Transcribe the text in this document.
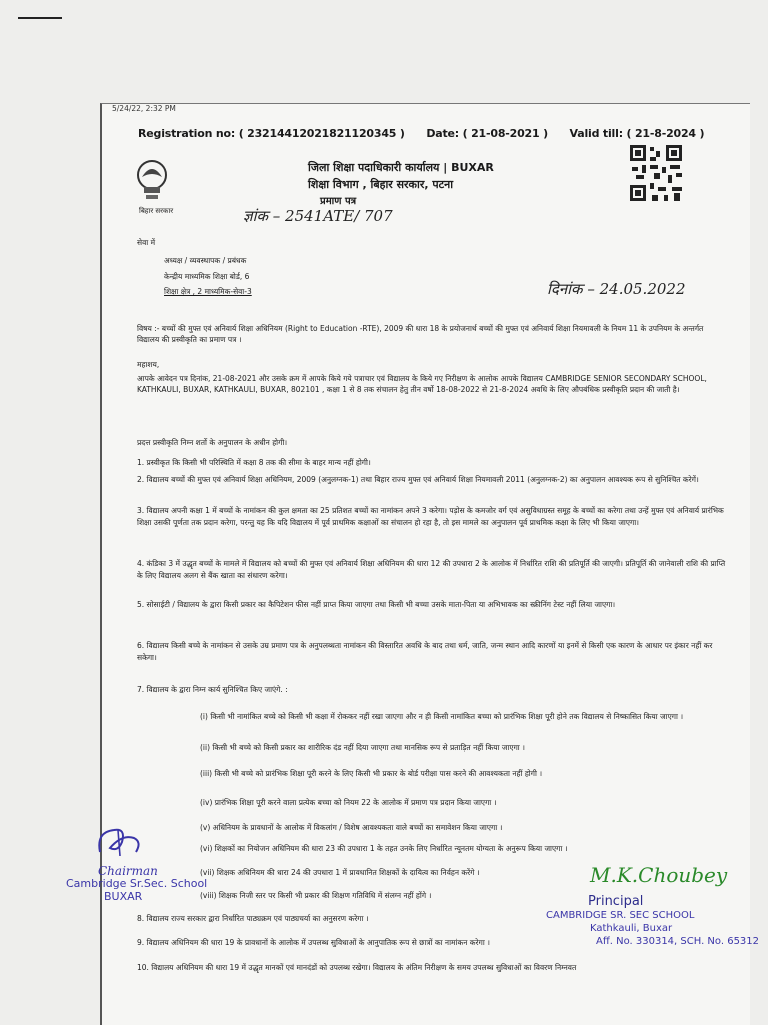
5/24/22, 2:32 PM
Registration no: ( 23214412021821120345 ) Date: ( 21-08-2021 ) Valid till: ( 21-8-2024 )
बिहार सरकार
जिला शिक्षा पदाधिकारी कार्यालय | BUXAR
शिक्षा विभाग , बिहार सरकार, पटना
प्रमाण पत्र
ज्ञांक – 2541ATE/ 707
दिनांक – 24.05.2022
सेवा में
अध्यक्ष / व्यवस्थापक / प्रबंधक
केन्द्रीय माध्यमिक शिक्षा बोर्ड, 6
शिक्षा क्षेत्र , 2 माध्यमिक-सेवा-3
विषय :- बच्चों की मुफ्त एवं अनिवार्य शिक्षा अधिनियम (Right to Education -RTE), 2009 की धारा 18 के प्रयोजनार्थ बच्चों की मुफ्त एवं अनिवार्य शिक्षा नियमावली के नियम 11 के उपनियम के अन्तर्गत विद्यालय की प्रस्वीकृति का प्रमाण पत्र ।
महाशय,
आपके आवेदन पत्र दिनांक, 21-08-2021 और उसके क्रम में आपके किये गये पत्राचार एवं विद्यालय के किये गए निरीक्षण के आलोक आपके विद्यालय CAMBRIDGE SENIOR SECONDARY SCHOOL, KATHKAULI, BUXAR, KATHKAULI, BUXAR, 802101 , कक्षा 1 से 8 तक संचालन हेतु तीन वर्षो 18-08-2022 से 21-8-2024 अवधि के लिए औपबंधिक प्रस्वीकृति प्रदान की जाती है।
प्रदत्त प्रस्वीकृति निम्न शर्तो के अनुपालन के अधीन होगी।
1. प्रस्वीकृत कि किसी भी परिस्थिति में कक्षा 8 तक की सीमा के बाहर मान्य नहीं होगी।
2. विद्यालय बच्चों की मुफ्त एवं अनिवार्य शिक्षा अधिनियम, 2009 (अनुलग्नक-1) तथा बिहार राज्य मुफ्त एवं अनिवार्य शिक्षा नियमावली 2011 (अनुलग्नक-2) का अनुपालन आवश्यक रूप से सुनिश्चित करेगें।
3. विद्यालय अपनी कक्षा 1 में बच्चों के नामांकन की कुल क्षमता का 25 प्रतिशत बच्चों का नामांकन अपने 3 करेगा। पड़ोस के कमजोर वर्ग एवं असुविधाग्रस्त समूह के बच्चों का करेगा तथा उन्हें मुफ्त एवं अनिवार्य प्रारंभिक शिक्षा उसकी पूर्णता तक प्रदान करेगा, परन्तु यह कि यदि विद्यालय में पूर्व प्राथमिक कक्षाओं का संचालन हो रहा है, तो इस मामले का अनुपालन पूर्व प्राथमिक कक्षा के लिए भी किया जाएगा।
4. कंडिका 3 में उद्धृत बच्चों के मामले में विद्यालय को बच्चों की मुफ्त एवं अनिवार्य शिक्षा अधिनियम की धारा 12 की उपधारा 2 के आलोक में निर्धारित राशि की प्रतिपूर्ति की जाएगी। प्रतिपूर्ति की जानेवाली राशि की प्राप्ति के लिए विद्यालय अलग से बैंक खाता का संधारण करेगा।
5. सोसाईटी / विद्यालय के द्वारा किसी प्रकार का कैपिटेशन फीस नहीं प्राप्त किया जाएगा तथा किसी भी बच्चा उसके माता-पिता या अभिभावक का स्क्रीनिंग टेस्ट नहीं लिया जाएगा।
6. विद्यालय किसी बच्चे के नामांकन से उसके उम्र प्रमाण पत्र के अनुपलब्धता नामांकन की विस्तारित अवधि के बाद तथा धर्म, जाति, जन्म स्थान आदि कारणों या इनमें से किसी एक कारण के आधार पर इंकार नहीं कर सकेगा।
7. विद्यालय के द्वारा निम्न कार्य सुनिश्चित किए जाएंगे. :
(i) किसी भी नामांकित बच्चे को किसी भी कक्षा में रोककर नहीं रखा जाएगा और न ही किसी नामांकित बच्चा को प्रारंभिक शिक्षा पूरी होने तक विद्यालय से निष्कासित किया जाएगा ।
(ii) किसी भी बच्चे को किसी प्रकार का शारीरिक दंड नहीं दिया जाएगा तथा मानसिक रूप से प्रताड़ित नहीं किया जाएगा ।
(iii) किसी भी बच्चे को प्रारंभिक शिक्षा पूरी करने के लिए किसी भी प्रकार के बोर्ड परीक्षा पास करने की आवश्यकता नहीं होगी ।
(iv) प्रारंभिक शिक्षा पूरी करने वाला प्रत्येक बच्चा को नियम 22 के आलोक में प्रमाण पत्र प्रदान किया जाएगा ।
(v) अधिनियम के प्रावधानों के आलोक में विकलांग / विशेष आवश्यकता वाले बच्चों का समावेशन किया जाएगा ।
(vi) शिक्षकों का नियोजन अधिनियम की धारा 23 की उपधारा 1 के तहत उनके लिए निर्धारित न्यूनतम योग्यता के अनुरूप किया जाएगा ।
(vii) शिक्षक अधिनियम की धारा 24 की उपधारा 1 में प्रावधानित शिक्षकों के दायित्व का निर्वहन करेंगे ।
(viii) शिक्षक निजी स्तर पर किसी भी प्रकार की शिक्षण गतिविधि में संलग्न नहीं होंगे ।
8. विद्यालय राज्य सरकार द्वारा निर्धारित पाठ्यक्रम एवं पाठ्यचर्या का अनुसरण करेगा ।
9. विद्यालय अधिनियम की धारा 19 के प्रावधानों के आलोक में उपलब्ध सुविधाओं के आनुपातिक रूप से छात्रों का नामांकन करेगा ।
10. विद्यालय अधिनियम की धारा 19 में उद्धृत मानकों एवं मानदंडों को उपलब्ध रखेगा। विद्यालय के अंतिम निरीक्षण के समय उपलब्ध सुविधाओं का विवरण निम्नवत
Chairman
Cambridge Sr.Sec. School
BUXAR
M.K.Choubey
Principal
CAMBRIDGE SR. SEC SCHOOL
Kathkauli, Buxar
Aff. No. 330314, SCH. No. 65312
